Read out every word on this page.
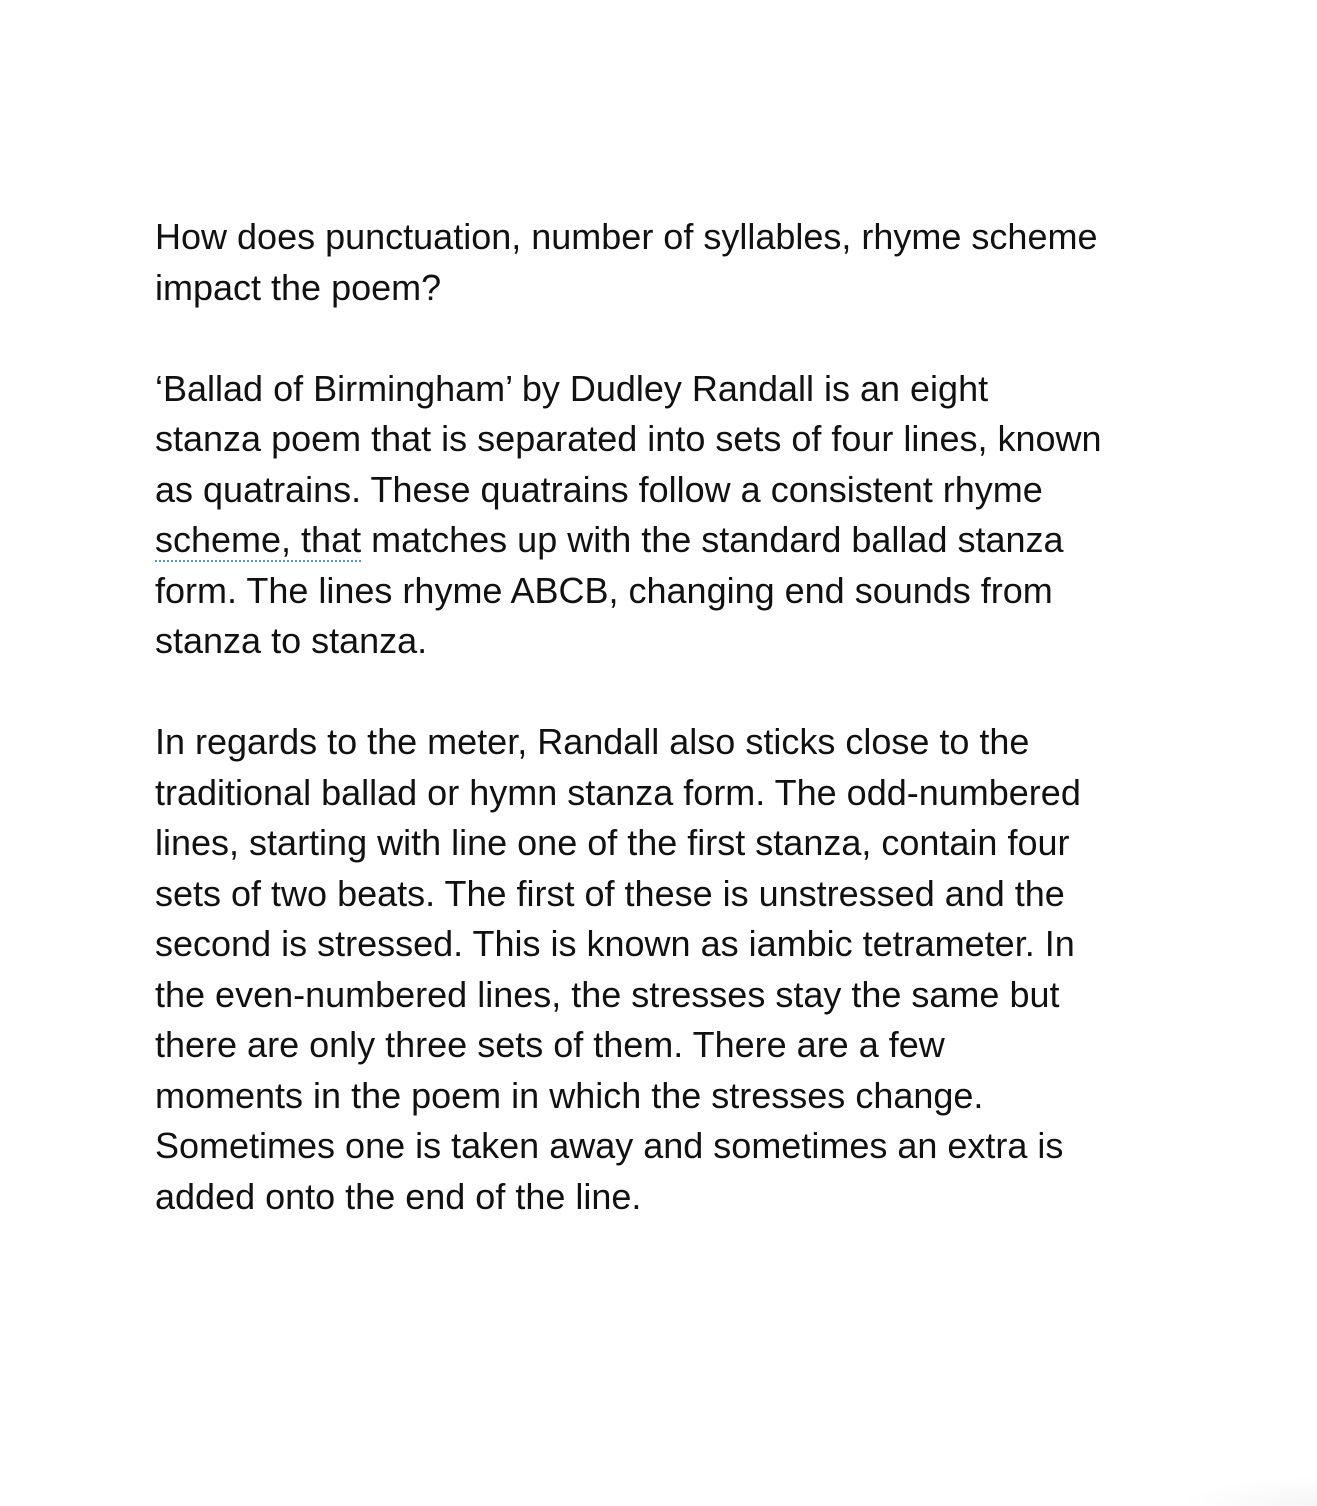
How does punctuation, number of syllables, rhyme scheme
impact the poem?

‘Ballad of Birmingham’ by Dudley Randall is an eight
stanza poem that is separated into sets of four lines, known
as quatrains. These quatrains follow a consistent rhyme
scheme, that matches up with the standard ballad stanza
form. The lines rhyme ABCB, changing end sounds from
stanza to stanza.

In regards to the meter, Randall also sticks close to the
traditional ballad or hymn stanza form. The odd-numbered
lines, starting with line one of the first stanza, contain four
sets of two beats. The first of these is unstressed and the
second is stressed. This is known as iambic tetrameter. In
the even-numbered lines, the stresses stay the same but
there are only three sets of them. There are a few
moments in the poem in which the stresses change.
Sometimes one is taken away and sometimes an extra is
added onto the end of the line.
